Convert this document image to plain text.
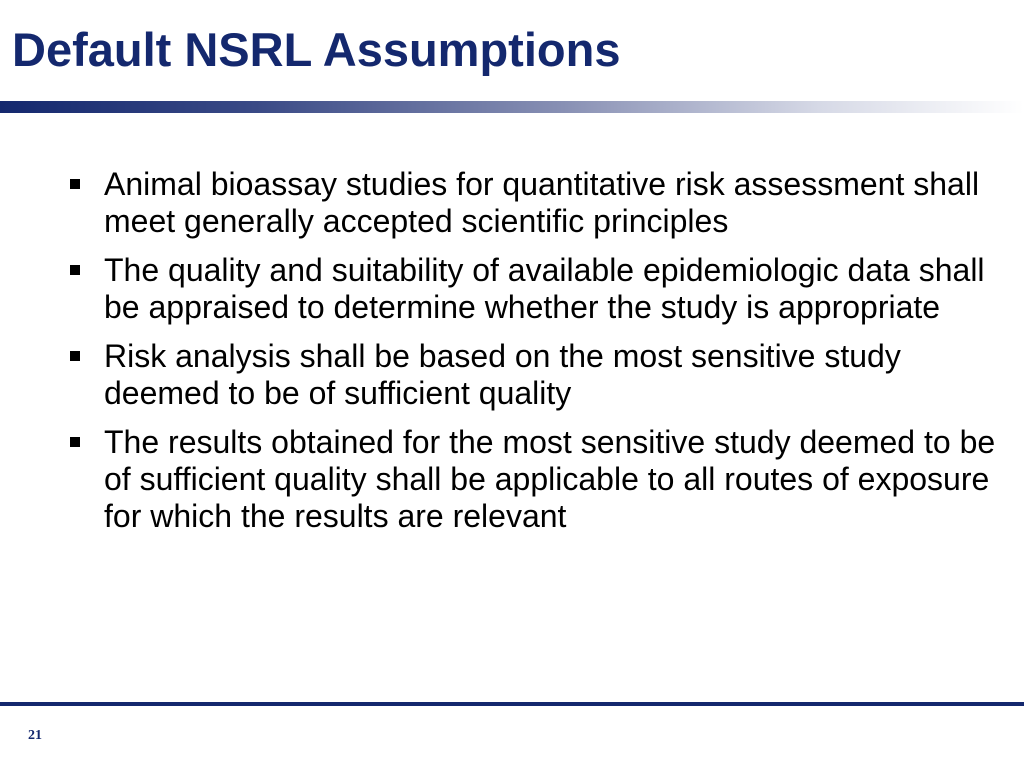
Default NSRL Assumptions
Animal bioassay studies for quantitative risk assessment shall meet generally accepted scientific principles
The quality and suitability of available epidemiologic data shall be appraised to determine whether the study is appropriate
Risk analysis shall be based on the most sensitive study deemed to be of sufficient quality
The results obtained for the most sensitive study deemed to be of sufficient quality shall be applicable to all routes of exposure for which the results are relevant
21
